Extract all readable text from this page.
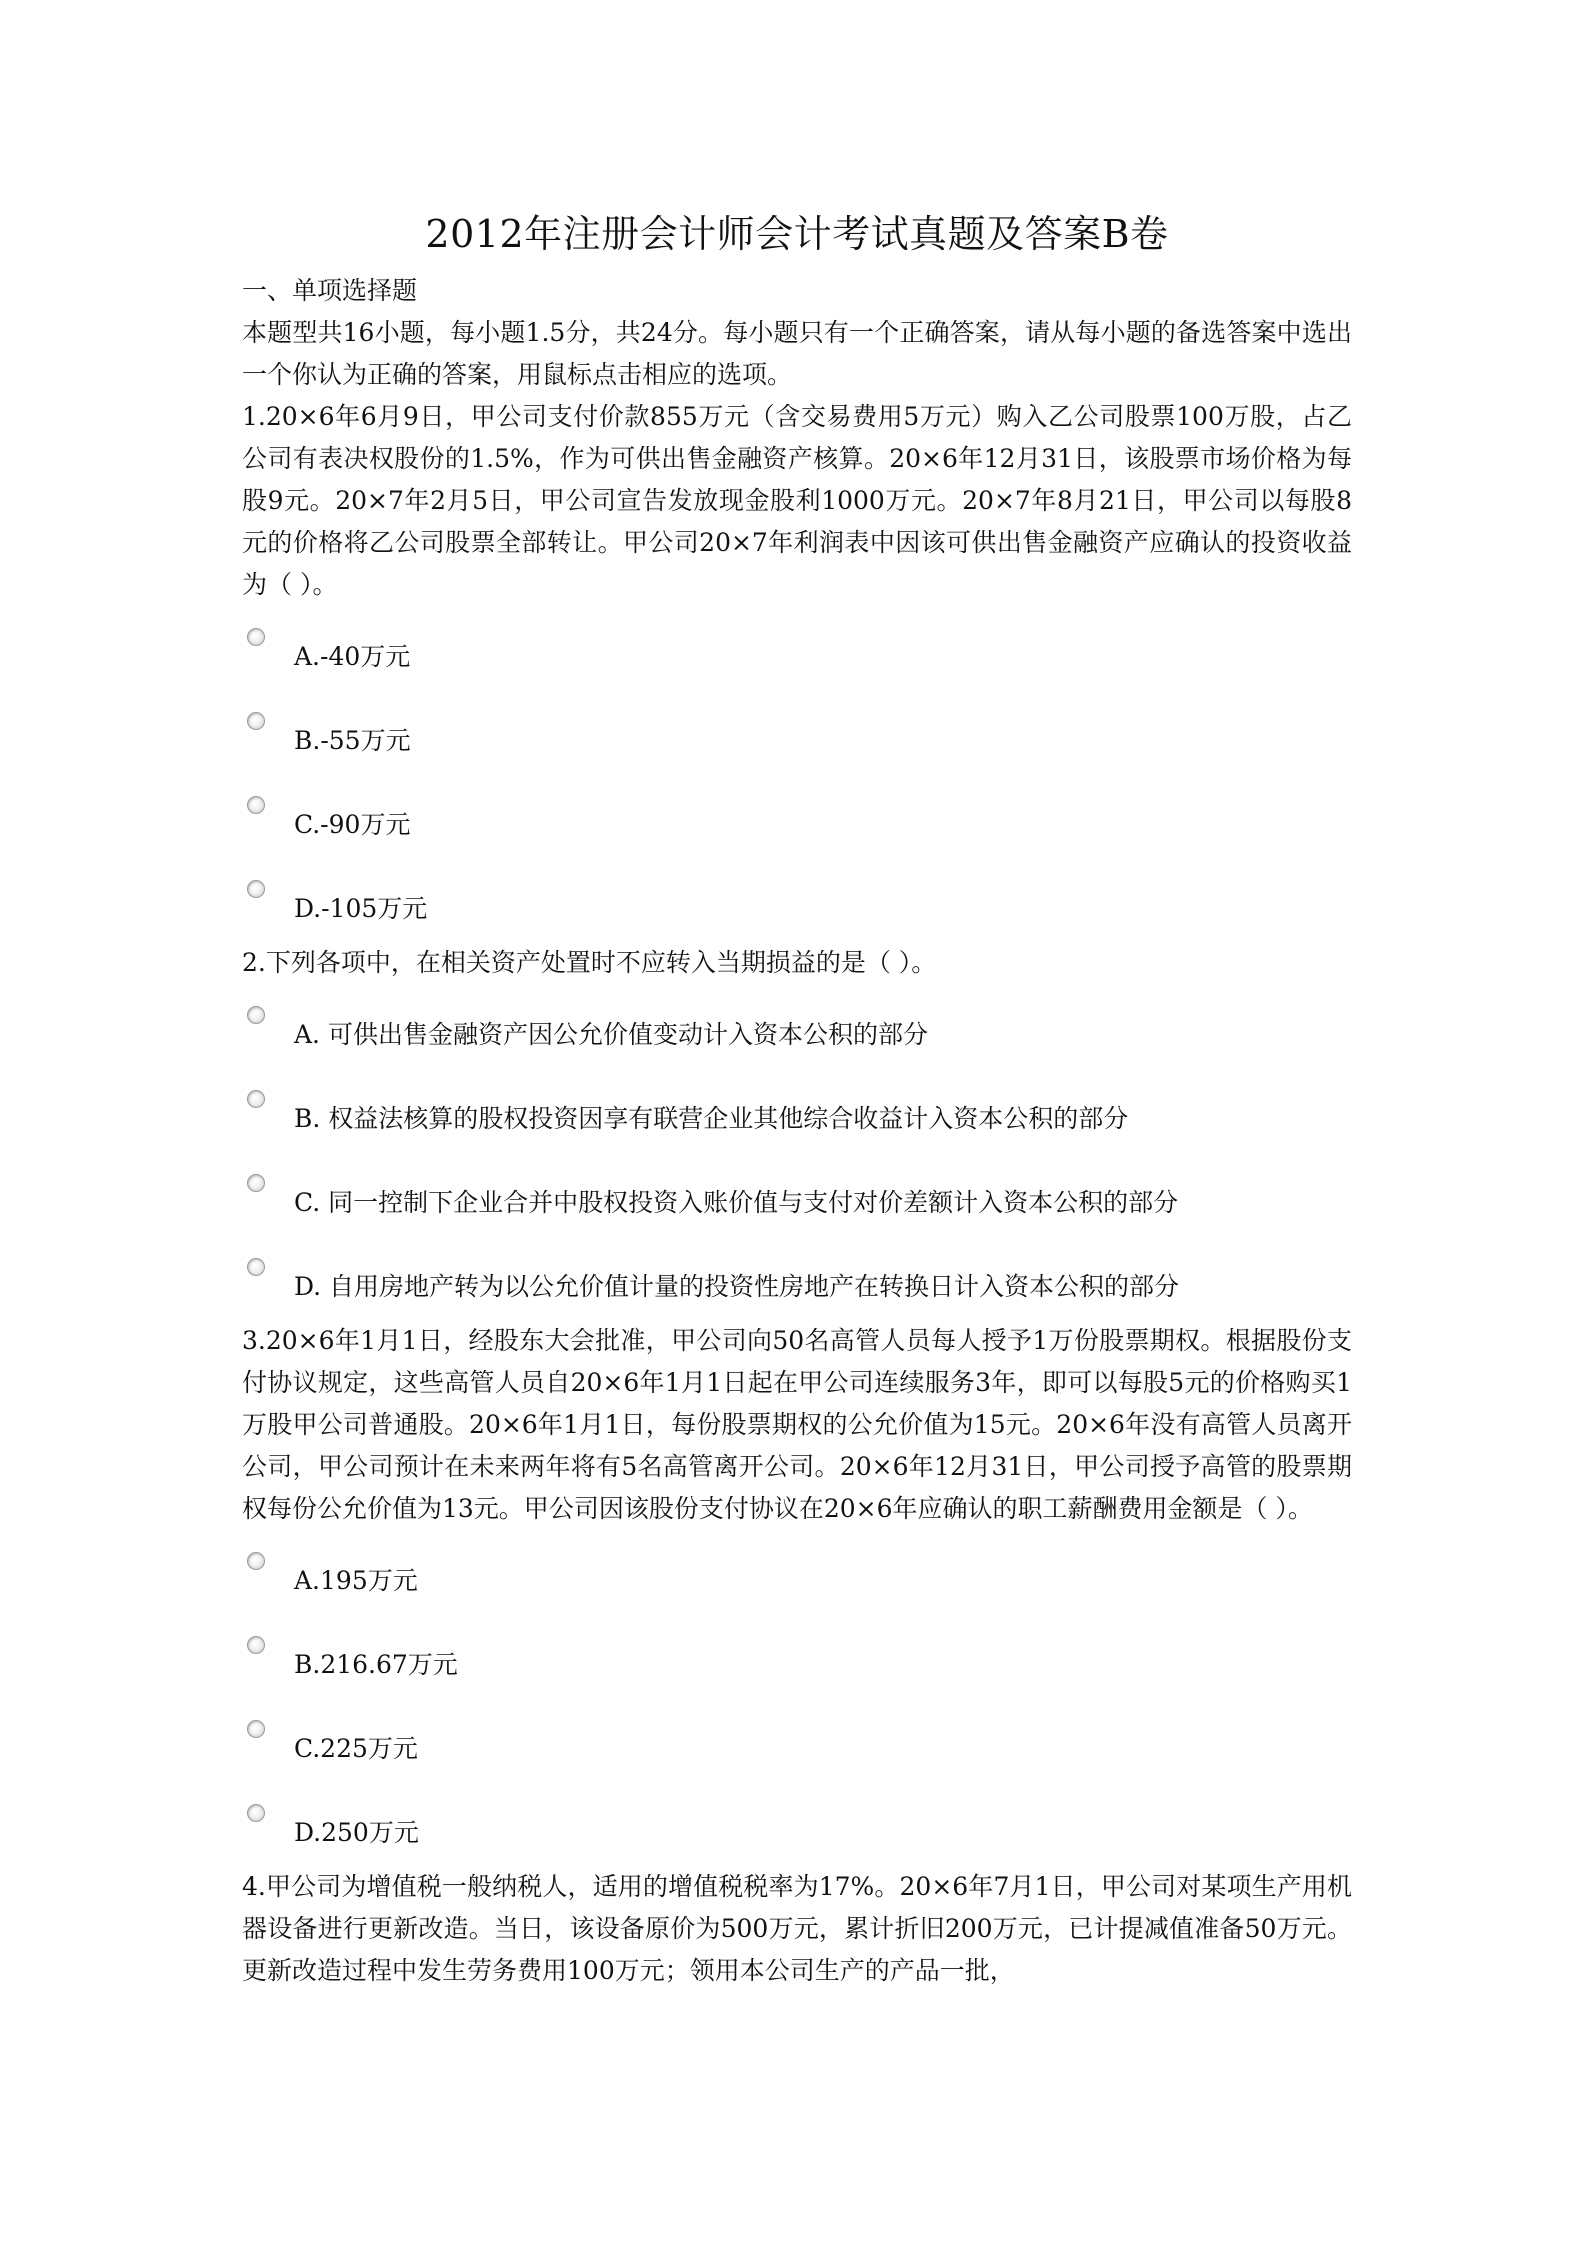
2012年注册会计师会计考试真题及答案B卷

一、单项选择题

本题型共16小题，每小题1.5分，共24分。每小题只有一个正确答案，请从每小题的备选答案中选出一个你认为正确的答案，用鼠标点击相应的选项。

1.20×6年6月9日，甲公司支付价款855万元（含交易费用5万元）购入乙公司股票100万股，占乙公司有表决权股份的1.5%，作为可供出售金融资产核算。20×6年12月31日，该股票市场价格为每股9元。20×7年2月5日，甲公司宣告发放现金股利1000万元。20×7年8月21日，甲公司以每股8元的价格将乙公司股票全部转让。甲公司20×7年利润表中因该可供出售金融资产应确认的投资收益为（ ）。

A.-40万元
B.-55万元
C.-90万元
D.-105万元

2.下列各项中，在相关资产处置时不应转入当期损益的是（ ）。

A. 可供出售金融资产因公允价值变动计入资本公积的部分
B. 权益法核算的股权投资因享有联营企业其他综合收益计入资本公积的部分
C. 同一控制下企业合并中股权投资入账价值与支付对价差额计入资本公积的部分
D. 自用房地产转为以公允价值计量的投资性房地产在转换日计入资本公积的部分

3.20×6年1月1日，经股东大会批准，甲公司向50名高管人员每人授予1万份股票期权。根据股份支付协议规定，这些高管人员自20×6年1月1日起在甲公司连续服务3年，即可以每股5元的价格购买1万股甲公司普通股。20×6年1月1日，每份股票期权的公允价值为15元。20×6年没有高管人员离开公司，甲公司预计在未来两年将有5名高管离开公司。20×6年12月31日，甲公司授予高管的股票期权每份公允价值为13元。甲公司因该股份支付协议在20×6年应确认的职工薪酬费用金额是（ ）。

A.195万元
B.216.67万元
C.225万元
D.250万元

4.甲公司为增值税一般纳税人，适用的增值税税率为17%。20×6年7月1日，甲公司对某项生产用机器设备进行更新改造。当日，该设备原价为500万元，累计折旧200万元，已计提减值准备50万元。更新改造过程中发生劳务费用100万元；领用本公司生产的产品一批，
